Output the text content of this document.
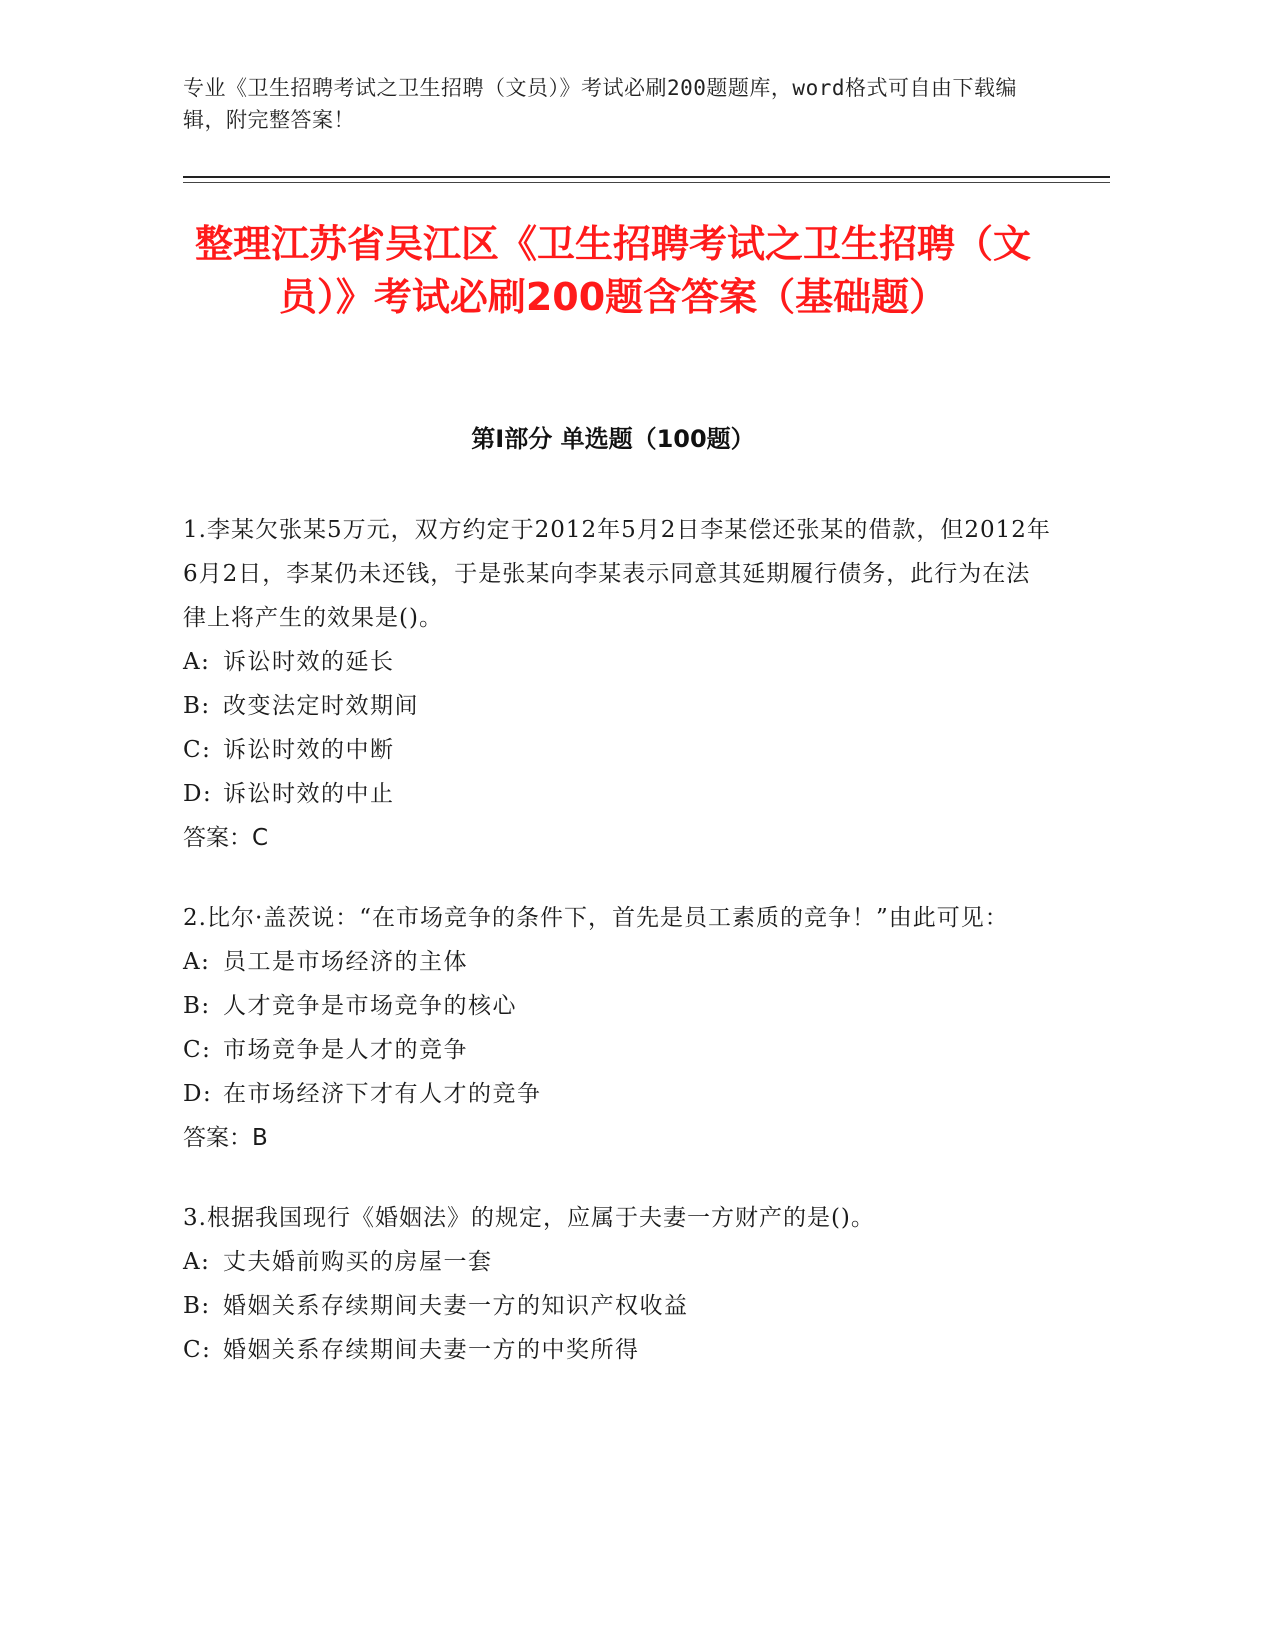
专业《卫生招聘考试之卫生招聘（文员）》考试必刷200题题库，word格式可自由下载编辑，附完整答案！
整理江苏省吴江区《卫生招聘考试之卫生招聘（文员）》考试必刷200题含答案（基础题）
第Ⅰ部分 单选题（100题）

1.李某欠张某5万元，双方约定于2012年5月2日李某偿还张某的借款，但2012年6月2日，李某仍未还钱，于是张某向李某表示同意其延期履行债务，此行为在法律上将产生的效果是()。

A: 诉讼时效的延长

B: 改变法定时效期间

C: 诉讼时效的中断

D: 诉讼时效的中止

答案：C

2.比尔·盖茨说：“在市场竞争的条件下，首先是员工素质的竞争！”由此可见：

A: 员工是市场经济的主体

B: 人才竞争是市场竞争的核心

C: 市场竞争是人才的竞争

D: 在市场经济下才有人才的竞争

答案：B

3.根据我国现行《婚姻法》的规定，应属于夫妻一方财产的是()。

A: 丈夫婚前购买的房屋一套

B: 婚姻关系存续期间夫妻一方的知识产权收益

C: 婚姻关系存续期间夫妻一方的中奖所得
